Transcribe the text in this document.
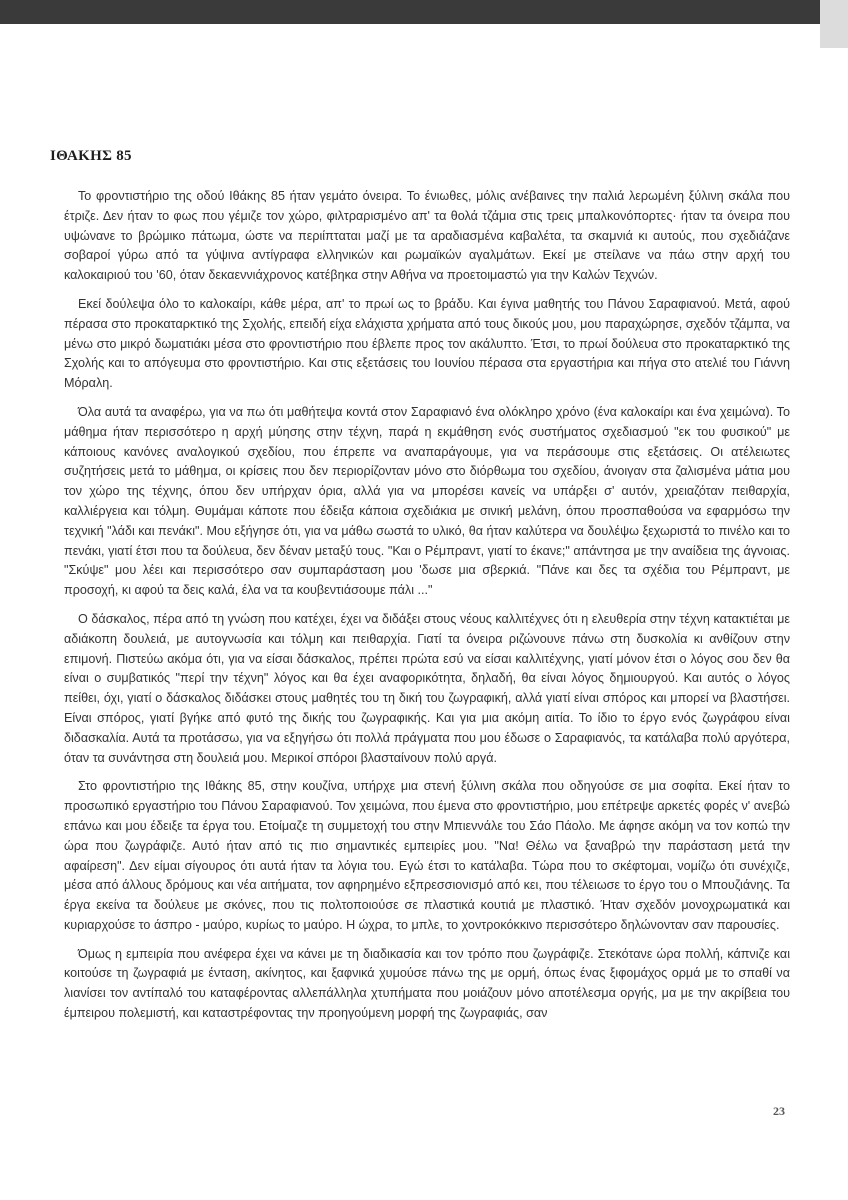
ΙΘΑΚΗΣ 85

Το φροντιστήριο της οδού Ιθάκης 85 ήταν γεμάτο όνειρα. Το ένιωθες, μόλις ανέβαινες την παλιά λερωμένη ξύλινη σκάλα που έτριζε. Δεν ήταν το φως που γέμιζε τον χώρο, φιλτραρισμένο απ' τα θολά τζάμια στις τρεις μπαλκονόπορτες· ήταν τα όνειρα που υψώνανε το βρώμικο πάτωμα, ώστε να περιίπταται μαζί με τα αραδιασμένα καβαλέτα, τα σκαμνιά κι αυτούς, που σχεδιάζανε σοβαροί γύρω από τα γύψινα αντίγραφα ελληνικών και ρωμαϊκών αγαλμάτων. Εκεί με στείλανε να πάω στην αρχή του καλοκαιριού του '60, όταν δεκαεννιάχρονος κατέβηκα στην Αθήνα να προετοιμαστώ για την Καλών Τεχνών.

Εκεί δούλεψα όλο το καλοκαίρι, κάθε μέρα, απ' το πρωί ως το βράδυ. Και έγινα μαθητής του Πάνου Σαραφιανού. Μετά, αφού πέρασα στο προκαταρκτικό της Σχολής, επειδή είχα ελάχιστα χρήματα από τους δικούς μου, μου παραχώρησε, σχεδόν τζάμπα, να μένω στο μικρό δωματιάκι μέσα στο φροντιστήριο που έβλεπε προς τον ακάλυπτο. Έτσι, το πρωί δούλευα στο προκαταρκτικό της Σχολής και το απόγευμα στο φροντιστήριο. Και στις εξετάσεις του Ιουνίου πέρασα στα εργαστήρια και πήγα στο ατελιέ του Γιάννη Μόραλη.

Όλα αυτά τα αναφέρω, για να πω ότι μαθήτεψα κοντά στον Σαραφιανό ένα ολόκληρο χρόνο (ένα καλοκαίρι και ένα χειμώνα). Το μάθημα ήταν περισσότερο η αρχή μύησης στην τέχνη, παρά η εκμάθηση ενός συστήματος σχεδιασμού "εκ του φυσικού" με κάποιους κανόνες αναλογικού σχεδίου, που έπρεπε να αναπαράγουμε, για να περάσουμε στις εξετάσεις. Οι ατέλειωτες συζητήσεις μετά το μάθημα, οι κρίσεις που δεν περιορίζονταν μόνο στο διόρθωμα του σχεδίου, άνοιγαν στα ζαλισμένα μάτια μου τον χώρο της τέχνης, όπου δεν υπήρχαν όρια, αλλά για να μπορέσει κανείς να υπάρξει σ' αυτόν, χρειαζόταν πειθαρχία, καλλιέργεια και τόλμη. Θυμάμαι κάποτε που έδειξα κάποια σχεδιάκια με σινική μελάνη, όπου προσπαθούσα να εφαρμόσω την τεχνική "λάδι και πενάκι". Μου εξήγησε ότι, για να μάθω σωστά το υλικό, θα ήταν καλύτερα να δουλέψω ξεχωριστά το πινέλο και το πενάκι, γιατί έτσι που τα δούλευα, δεν δέναν μεταξύ τους. "Και ο Ρέμπραντ, γιατί το έκανε;" απάντησα με την αναίδεια της άγνοιας. "Σκύψε" μου λέει και περισσότερο σαν συμπαράσταση μου 'δωσε μια σβερκιά. "Πάνε και δες τα σχέδια του Ρέμπραντ, με προσοχή, κι αφού τα δεις καλά, έλα να τα κουβεντιάσουμε πάλι ..."

Ο δάσκαλος, πέρα από τη γνώση που κατέχει, έχει να διδάξει στους νέους καλλιτέχνες ότι η ελευθερία στην τέχνη κατακτιέται με αδιάκοπη δουλειά, με αυτογνωσία και τόλμη και πειθαρχία. Γιατί τα όνειρα ριζώνουνε πάνω στη δυσκολία κι ανθίζουν στην επιμονή. Πιστεύω ακόμα ότι, για να είσαι δάσκαλος, πρέπει πρώτα εσύ να είσαι καλλιτέχνης, γιατί μόνον έτσι ο λόγος σου δεν θα είναι ο συμβατικός "περί την τέχνη" λόγος και θα έχει αναφορικότητα, δηλαδή, θα είναι λόγος δημιουργού. Και αυτός ο λόγος πείθει, όχι, γιατί ο δάσκαλος διδάσκει στους μαθητές του τη δική του ζωγραφική, αλλά γιατί είναι σπόρος και μπορεί να βλαστήσει. Είναι σπόρος, γιατί βγήκε από φυτό της δικής του ζωγραφικής. Και για μια ακόμη αιτία. Το ίδιο το έργο ενός ζωγράφου είναι διδασκαλία. Αυτά τα προτάσσω, για να εξηγήσω ότι πολλά πράγματα που μου έδωσε ο Σαραφιανός, τα κατάλαβα πολύ αργότερα, όταν τα συνάντησα στη δουλειά μου. Μερικοί σπόροι βλασταίνουν πολύ αργά.

Στο φροντιστήριο της Ιθάκης 85, στην κουζίνα, υπήρχε μια στενή ξύλινη σκάλα που οδηγούσε σε μια σοφίτα. Εκεί ήταν το προσωπικό εργαστήριο του Πάνου Σαραφιανού. Τον χειμώνα, που έμενα στο φροντιστήριο, μου επέτρεψε αρκετές φορές ν' ανεβώ επάνω και μου έδειξε τα έργα του. Ετοίμαζε τη συμμετοχή του στην Μπιεννάλε του Σάο Πάολο. Με άφησε ακόμη να τον κοπώ την ώρα που ζωγράφιζε. Αυτό ήταν από τις πιο σημαντικές εμπειρίες μου. "Να! Θέλω να ξαναβρώ την παράσταση μετά την αφαίρεση". Δεν είμαι σίγουρος ότι αυτά ήταν τα λόγια του. Εγώ έτσι το κατάλαβα. Τώρα που το σκέφτομαι, νομίζω ότι συνέχιζε, μέσα από άλλους δρόμους και νέα αιτήματα, τον αφηρημένο εξπρεσσιονισμό από κει, που τέλειωσε το έργο του ο Μπουζιάνης. Τα έργα εκείνα τα δούλευε με σκόνες, που τις πολτοποιούσε σε πλαστικά κουτιά με πλαστικό. Ήταν σχεδόν μονοχρωματικά και κυριαρχούσε το άσπρο - μαύρο, κυρίως το μαύρο. Η ώχρα, το μπλε, το χοντροκόκκινο περισσότερο δηλώνονταν σαν παρουσίες.

Όμως η εμπειρία που ανέφερα έχει να κάνει με τη διαδικασία και τον τρόπο που ζωγράφιζε. Στεκότανε ώρα πολλή, κάπνιζε και κοιτούσε τη ζωγραφιά με ένταση, ακίνητος, και ξαφνικά χυμούσε πάνω της με ορμή, όπως ένας ξιφομάχος ορμά με το σπαθί να λιανίσει τον αντίπαλό του καταφέροντας αλλεπάλληλα χτυπήματα που μοιάζουν μόνο αποτέλεσμα οργής, μα με την ακρίβεια του έμπειρου πολεμιστή, και καταστρέφοντας την προηγούμενη μορφή της ζωγραφιάς, σαν

23
